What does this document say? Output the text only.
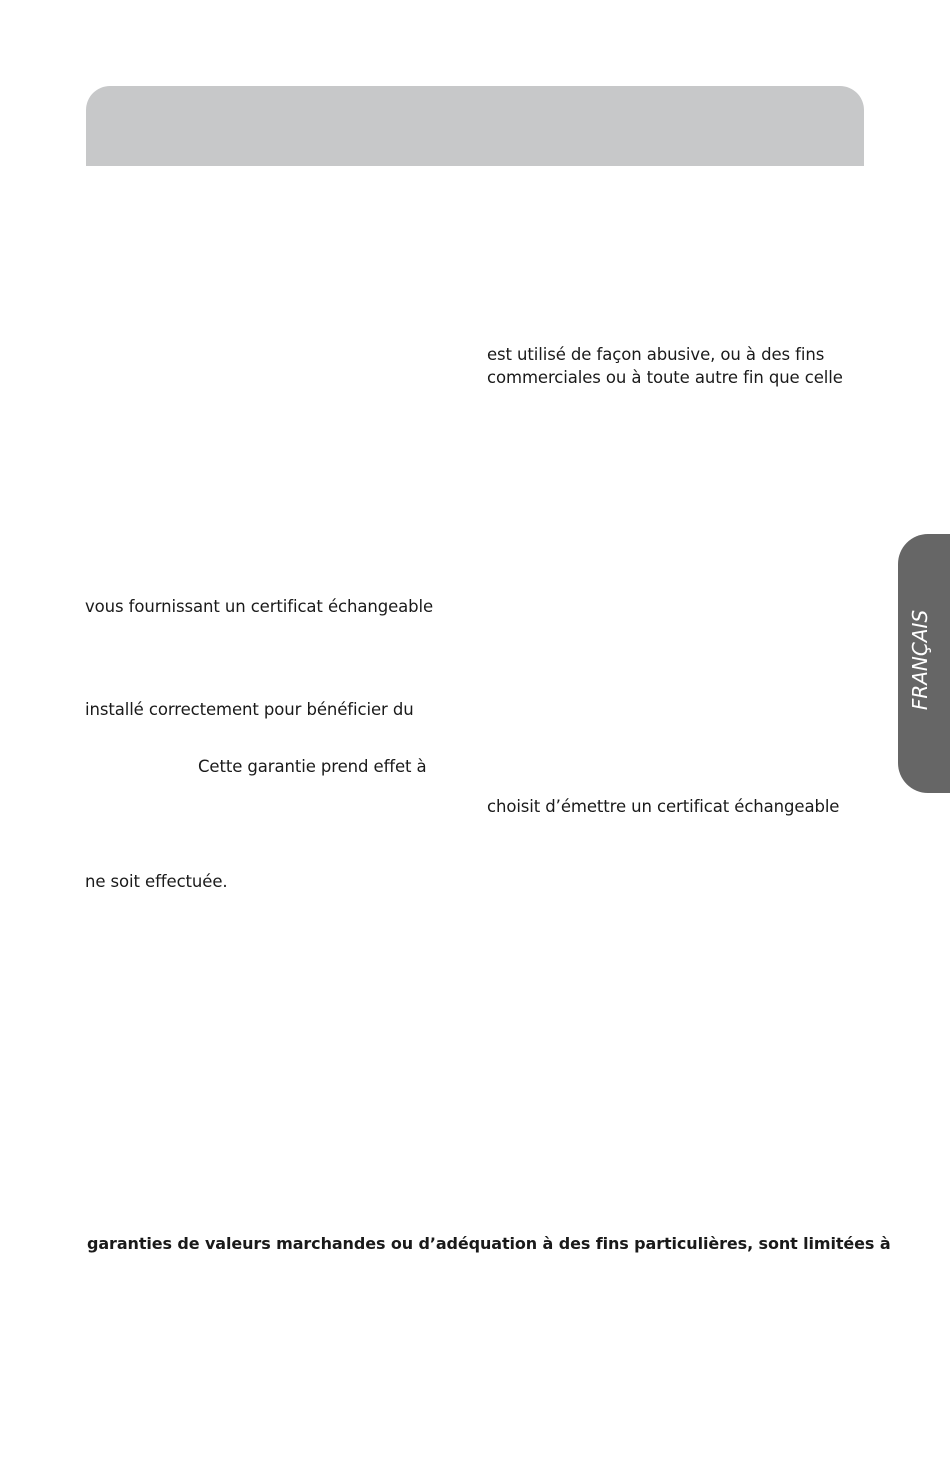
est utilisé de façon abusive, ou à des fins
commerciales ou à toute autre fin que celle
vous fournissant un certificat échangeable
installé correctement pour bénéficier du
Cette garantie prend effet à
choisit d’émettre un certificat échangeable
ne soit effectuée.
garanties de valeurs marchandes ou d’adéquation à des fins particulières, sont limitées à
FRANÇAIS
